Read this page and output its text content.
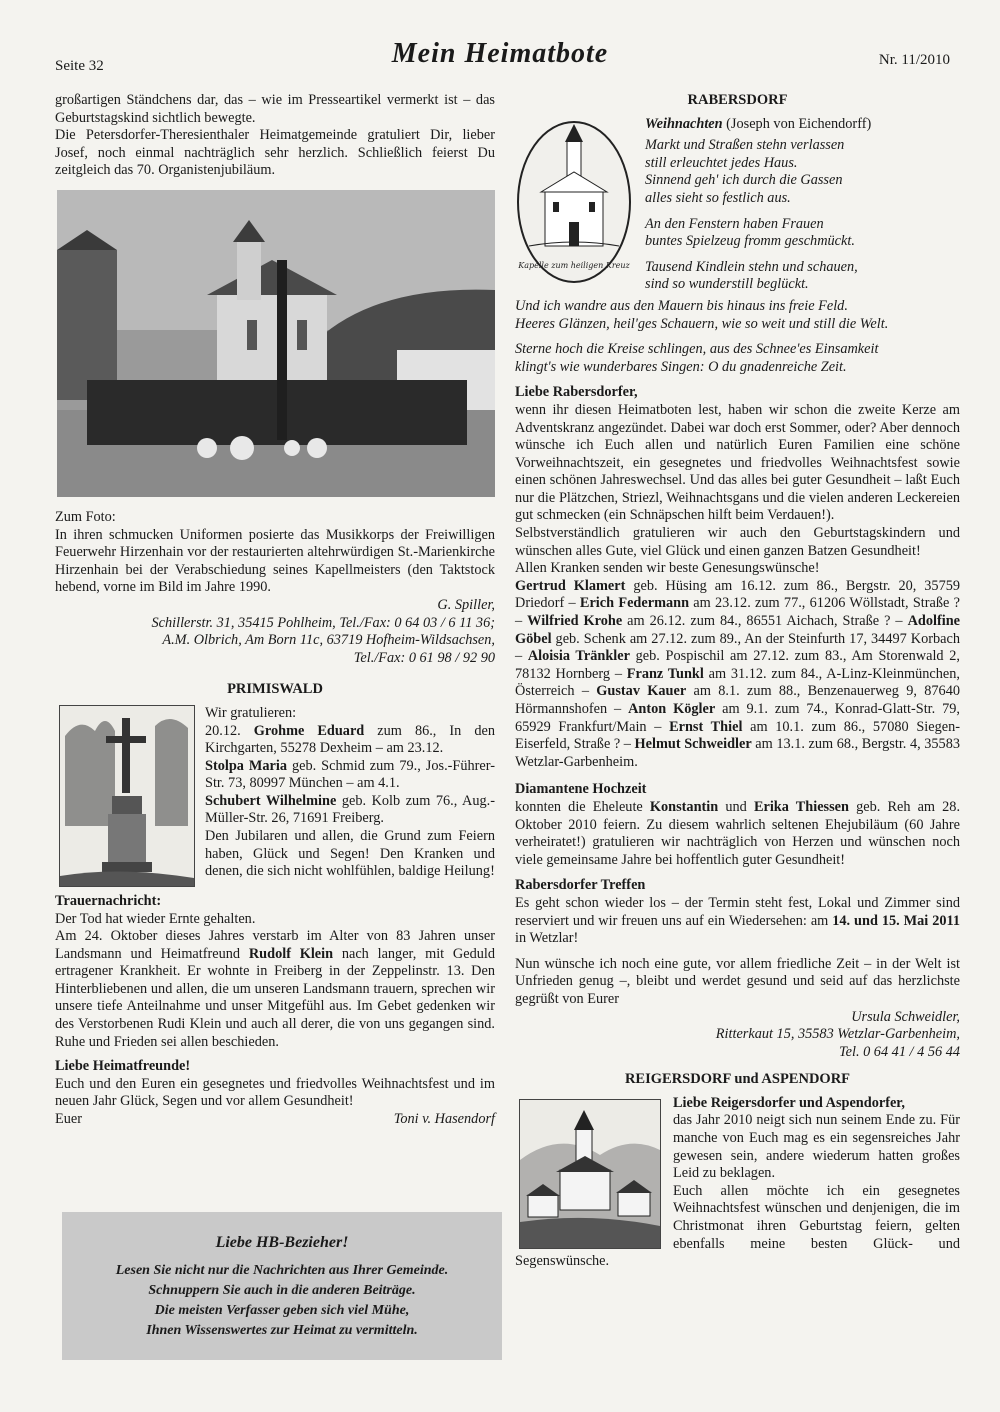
Seite 32	Mein Heimatbote	Nr. 11/2010

großartigen Ständchens dar, das – wie im Presseartikel vermerkt ist – das Geburtstagskind sichtlich bewegte.

Die Petersdorfer-Theresienthaler Heimatgemeinde gratuliert Dir, lieber Josef, noch einmal nachträglich sehr herzlich. Schließlich feierst Du zeitgleich das 70. Organistenjubiläum.

Zum Foto:

In ihren schmucken Uniformen posierte das Musikkorps der Freiwilligen Feuerwehr Hirzenhain vor der restaurierten altehrwürdigen St.-Marienkirche Hirzenhain bei der Verabschiedung seines Kapellmeisters (den Taktstock hebend, vorne im Bild im Jahre 1990.

G. Spiller,

Schillerstr. 31, 35415 Pohlheim, Tel./Fax: 0 64 03 / 6 11 36;

A.M. Olbrich, Am Born 11c, 63719 Hofheim-Wildsachsen,

Tel./Fax: 0 61 98 / 92 90

PRIMISWALD

Wir gratulieren:

20.12. Grohme Eduard zum 86., In den Kirchgarten, 55278 Dexheim – am 23.12.

Stolpa Maria geb. Schmid zum 79., Jos.-Führer-Str. 73, 80997 München – am 4.1.

Schubert Wilhelmine geb. Kolb zum 76., Aug.-Müller-Str. 26, 71691 Freiberg.

Den Jubilaren und allen, die Grund zum Feiern haben, Glück und Segen! Den Kranken und denen, die sich nicht wohlfühlen, baldige Heilung!

Trauernachricht:

Der Tod hat wieder Ernte gehalten.

Am 24. Oktober dieses Jahres verstarb im Alter von 83 Jahren unser Landsmann und Heimatfreund Rudolf Klein nach langer, mit Geduld ertragener Krankheit. Er wohnte in Freiberg in der Zeppelinstr. 13. Den Hinterbliebenen und allen, die um unseren Landsmann trauern, sprechen wir unsere tiefe Anteilnahme und unser Mitgefühl aus. Im Gebet gedenken wir des Verstorbenen Rudi Klein und auch all derer, die von uns gegangen sind. Ruhe und Frieden sei allen beschieden.

Liebe Heimatfreunde!

Euch und den Euren ein gesegnetes und friedvolles Weihnachtsfest und im neuen Jahr Glück, Segen und vor allem Gesundheit!

Euer	Toni v. Hasendorf

Liebe HB-Bezieher!
Lesen Sie nicht nur die Nachrichten aus Ihrer Gemeinde.
Schnuppern Sie auch in die anderen Beiträge.
Die meisten Verfasser geben sich viel Mühe,
Ihnen Wissenswertes zur Heimat zu vermitteln.
RABERSDORF
Kapelle zum heiligen Kreuz

Weihnachten (Joseph von Eichendorff)

Markt und Straßen stehn verlassen

still erleuchtet jedes Haus.

Sinnend geh' ich durch die Gassen

alles sieht so festlich aus.

An den Fenstern haben Frauen

buntes Spielzeug fromm geschmückt.

Tausend Kindlein stehn und schauen,

sind so wunderstill beglückt.

Und ich wandre aus den Mauern bis hinaus ins freie Feld.

Heeres Glänzen, heil'ges Schauern, wie so weit und still die Welt.

Sterne hoch die Kreise schlingen, aus des Schnee'es Einsamkeit

klingt's wie wunderbares Singen: O du gnadenreiche Zeit.

Liebe Rabersdorfer,

wenn ihr diesen Heimatboten lest, haben wir schon die zweite Kerze am Adventskranz angezündet. Dabei war doch erst Sommer, oder? Aber dennoch wünsche ich Euch allen und natürlich Euren Familien eine schöne Vorweihnachtszeit, ein gesegnetes und friedvolles Weihnachtsfest sowie einen schönen Jahreswechsel. Und das alles bei guter Gesundheit – laßt Euch nur die Plätzchen, Striezl, Weihnachtsgans und die vielen anderen Leckereien gut schmecken (ein Schnäpschen hilft beim Verdauen!).

Selbstverständlich gratulieren wir auch den Geburtstagskindern und wünschen alles Gute, viel Glück und einen ganzen Batzen Gesundheit!

Allen Kranken senden wir beste Genesungswünsche!

Gertrud Klamert geb. Hüsing am 16.12. zum 86., Bergstr. 20, 35759 Driedorf – Erich Federmann am 23.12. zum 77., 61206 Wöllstadt, Straße ? – Wilfried Krohe am 26.12. zum 84., 86551 Aichach, Straße ? – Adolfine Göbel geb. Schenk am 27.12. zum 89., An der Steinfurth 17, 34497 Korbach – Aloisia Tränkler geb. Pospischil am 27.12. zum 83., Am Storenwald 2, 78132 Hornberg – Franz Tunkl am 31.12. zum 84., A-Linz-Kleinmünchen, Österreich – Gustav Kauer am 8.1. zum 88., Benzenauerweg 9, 87640 Hörmannshofen – Anton Kögler am 9.1. zum 74., Konrad-Glatt-Str. 79, 65929 Frankfurt/Main – Ernst Thiel am 10.1. zum 86., 57080 Siegen-Eiserfeld, Straße ? – Helmut Schweidler am 13.1. zum 68., Bergstr. 4, 35583 Wetzlar-Garbenheim.

Diamantene Hochzeit

konnten die Eheleute Konstantin und Erika Thiessen geb. Reh am 28. Oktober 2010 feiern. Zu diesem wahrlich seltenen Ehejubiläum (60 Jahre verheiratet!) gratulieren wir nachträglich von Herzen und wünschen noch viele gemeinsame Jahre bei hoffentlich guter Gesundheit!

Rabersdorfer Treffen

Es geht schon wieder los – der Termin steht fest, Lokal und Zimmer sind reserviert und wir freuen uns auf ein Wiedersehen: am 14. und 15. Mai 2011 in Wetzlar!

Nun wünsche ich noch eine gute, vor allem friedliche Zeit – in der Welt ist Unfrieden genug –, bleibt und werdet gesund und seid auf das herzlichste gegrüßt von Eurer

Ursula Schweidler,

Ritterkaut 15, 35583 Wetzlar-Garbenheim,

Tel. 0 64 41 / 4 56 44

REIGERSDORF und ASPENDORF

Liebe Reigersdorfer und Aspendorfer,

das Jahr 2010 neigt sich nun seinem Ende zu. Für manche von Euch mag es ein segensreiches Jahr gewesen sein, andere wiederum hatten großes Leid zu beklagen.

Euch allen möchte ich ein gesegnetes Weihnachtsfest wünschen und denjenigen, die im Christmonat ihren Geburtstag feiern, gelten ebenfalls meine besten Glück- und Segenswünsche.
